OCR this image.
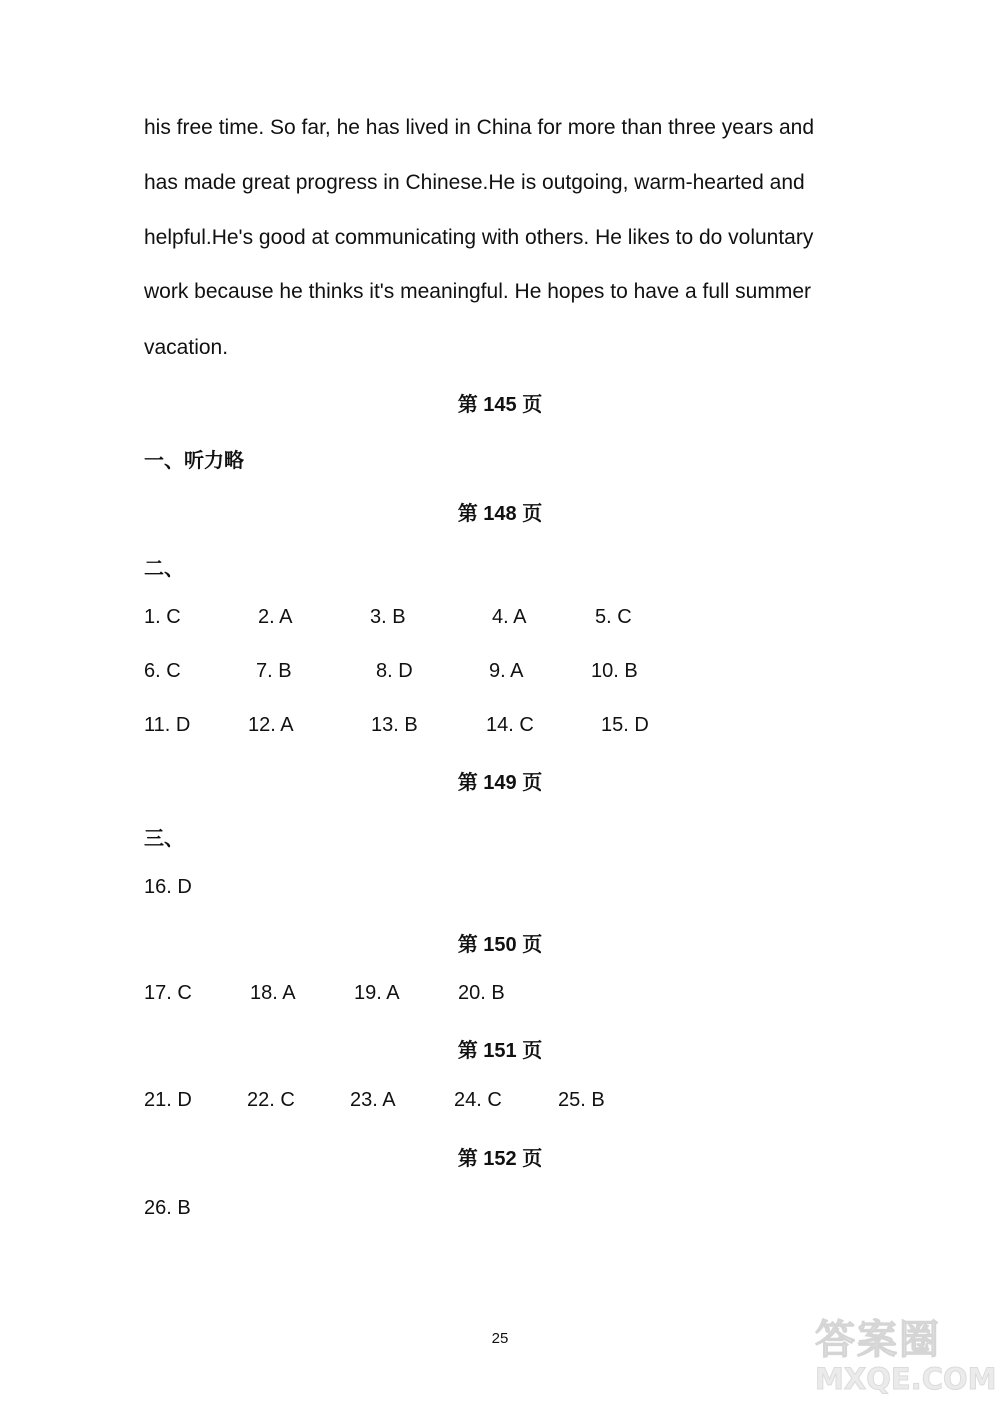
his free time. So far, he has lived in China for more than three years and
has made great progress in Chinese.He is outgoing, warm-hearted and
helpful.He's good at communicating with others. He likes to do voluntary
work because he thinks it's meaningful. He hopes to have a full summer
vacation.
第 145 页
一、听力略
第 148 页
二、
1. C	2. A	3. B	4. A	5. C
6. C	7. B	8. D	9. A	10. B
11. D	12. A	13. B	14. C	15. D
第 149 页
三、
16. D
第 150 页
17. C	18. A	19. A	20. B
第 151 页
21. D	22. C	23. A	24. C	25. B
第 152 页
26. B
25	答案圈
MXQE.COM
